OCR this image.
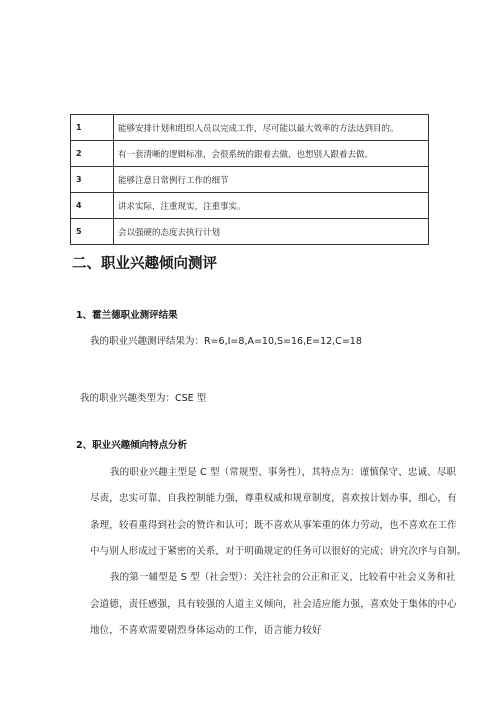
1	能够安排计划和组织人员以完成工作，尽可能以最大效率的方法达到目的。
2	有一套清晰的逻辑标准，会很系统的跟着去做，也想别人跟着去做。
3	能够注意日常例行工作的细节
4	讲求实际，注重现实，注重事实。
5	会以强硬的态度去执行计划
二、职业兴趣倾向测评
1、霍兰德职业测评结果
我的职业兴趣测评结果为：R=6,I=8,A=10,S=16,E=12,C=18
我的职业兴趣类型为：CSE 型
2、职业兴趣倾向特点分析
我的职业兴趣主型是 C 型（常规型、事务性），其特点为：谨慎保守、忠诚、尽职
尽责，忠实可靠、自我控制能力强，尊重权威和规章制度，喜欢按计划办事，细心，有
条理，较看重得到社会的赞许和认可；既不喜欢从事笨重的体力劳动，也不喜欢在工作
中与别人形成过于紧密的关系，对于明确规定的任务可以很好的完成；讲究次序与自制。
我的第一辅型是 S 型（社会型）：关注社会的公正和正义，比较看中社会义务和社
会道德，责任感强，具有较强的人道主义倾向，社会适应能力强，喜欢处于集体的中心
地位，不喜欢需要剧烈身体运动的工作，语言能力较好
